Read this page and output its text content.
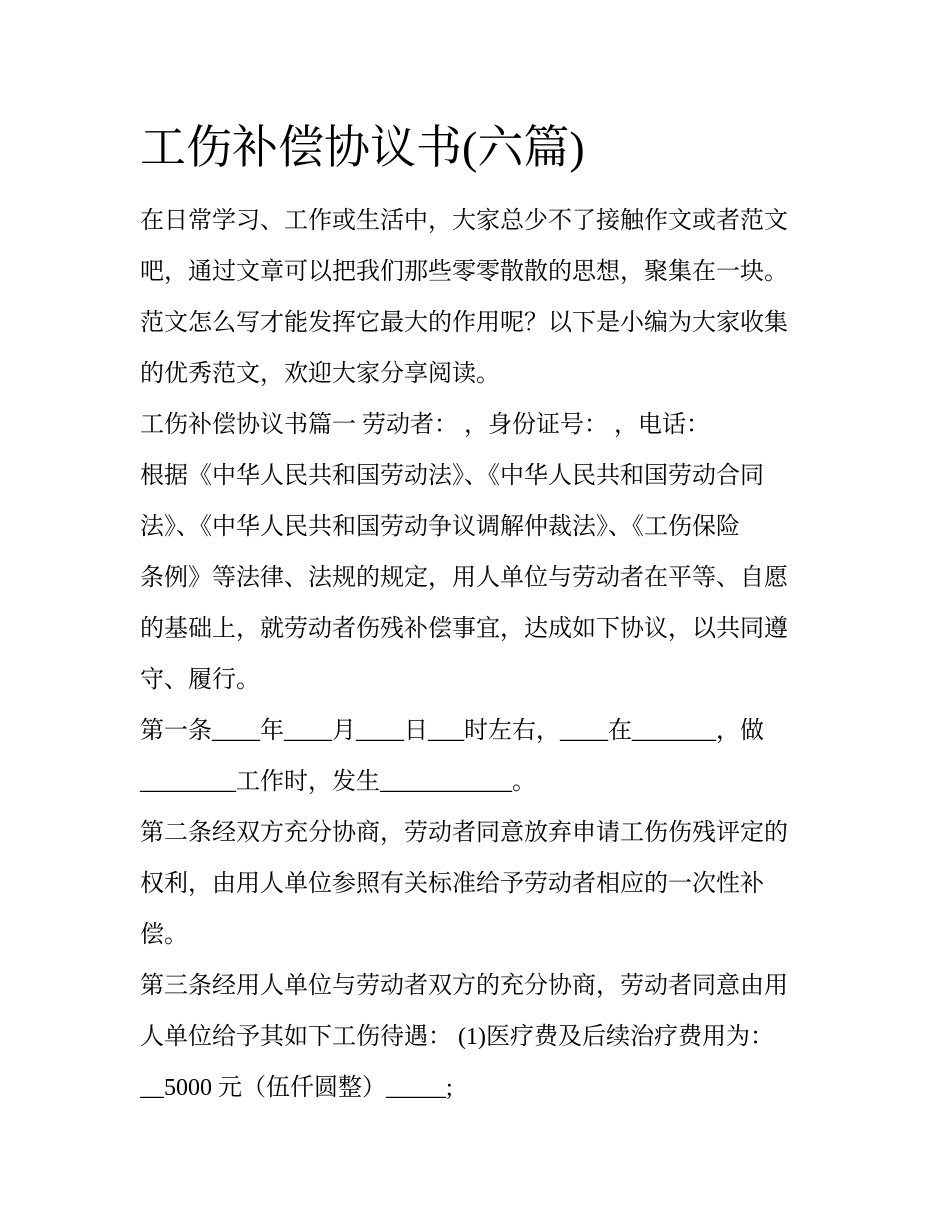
工伤补偿协议书(六篇)

在日常学习、工作或生活中，大家总少不了接触作文或者范文
吧，通过文章可以把我们那些零零散散的思想，聚集在一块。
范文怎么写才能发挥它最大的作用呢？以下是小编为大家收集
的优秀范文，欢迎大家分享阅读。

工伤补偿协议书篇一 劳动者： ，身份证号： ，电话：

根据《中华人民共和国劳动法》、《中华人民共和国劳动合同
法》、《中华人民共和国劳动争议调解仲裁法》、《工伤保险
条例》等法律、法规的规定，用人单位与劳动者在平等、自愿
的基础上，就劳动者伤残补偿事宜，达成如下协议，以共同遵
守、履行。

第一条____年____月____日___时左右，____在_______，做
________工作时，发生___________。

第二条经双方充分协商，劳动者同意放弃申请工伤伤残评定的
权利，由用人单位参照有关标准给予劳动者相应的一次性补
偿。

第三条经用人单位与劳动者双方的充分协商，劳动者同意由用
人单位给予其如下工伤待遇： (1)医疗费及后续治疗费用为：
__5000 元（伍仟圆整）_____;
